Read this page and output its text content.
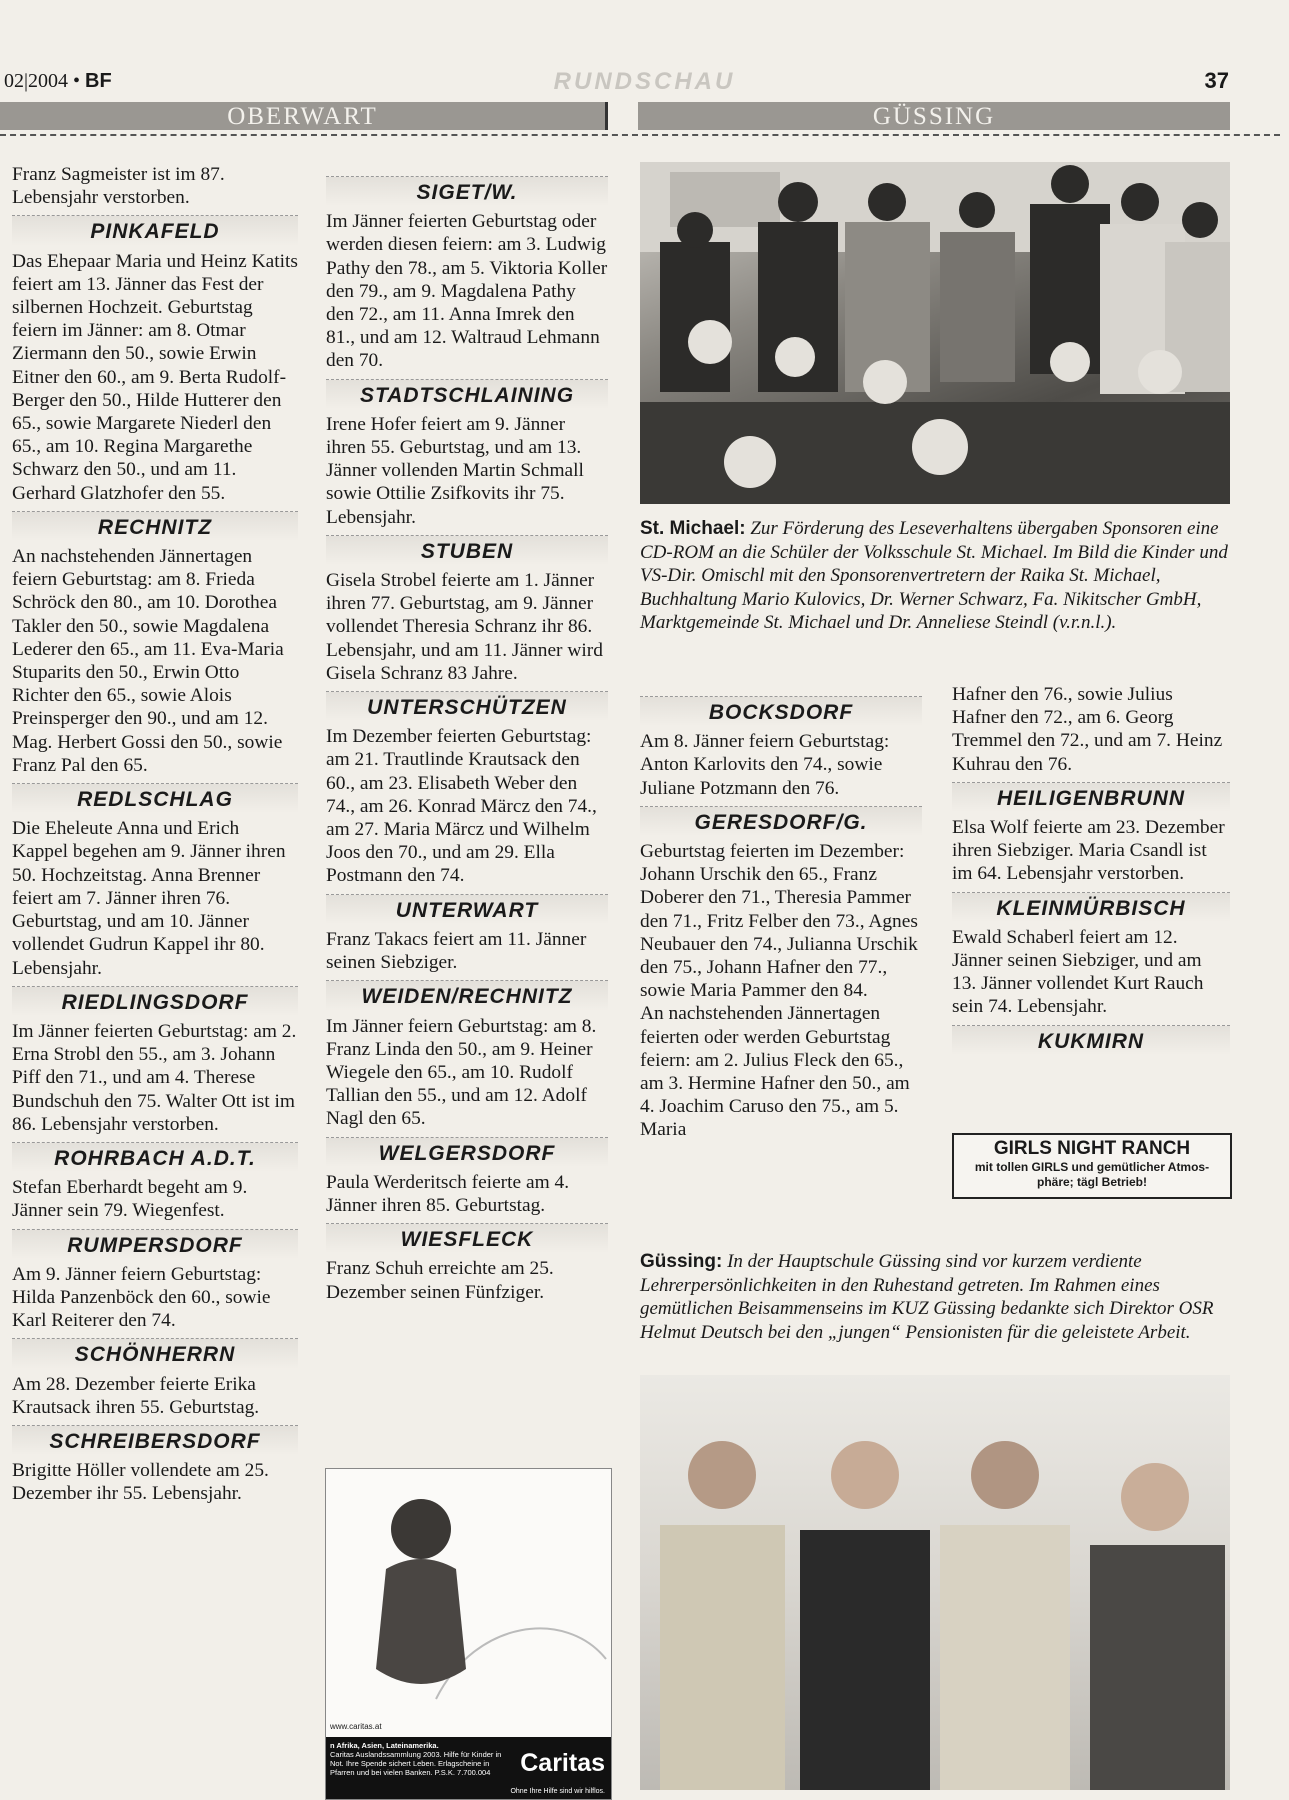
02|2004 • BF	RUNDSCHAU	37
OBERWART	GÜSSING

Franz Sagmeister ist im 87. Lebensjahr verstorben.

PINKAFELD

Das Ehepaar Maria und Heinz Katits feiert am 13. Jänner das Fest der silbernen Hochzeit. Geburtstag feiern im Jänner: am 8. Otmar Ziermann den 50., sowie Erwin Eitner den 60., am 9. Berta Rudolf-Berger den 50., Hilde Hutterer den 65., sowie Margarete Niederl den 65., am 10. Regina Margarethe Schwarz den 50., und am 11. Gerhard Glatzhofer den 55.

RECHNITZ

An nachstehenden Jännertagen feiern Geburtstag: am 8. Frieda Schröck den 80., am 10. Dorothea Takler den 50., sowie Magdalena Lederer den 65., am 11. Eva-Maria Stuparits den 50., Erwin Otto Richter den 65., sowie Alois Preinsperger den 90., und am 12. Mag. Herbert Gossi den 50., sowie Franz Pal den 65.

REDLSCHLAG

Die Eheleute Anna und Erich Kappel begehen am 9. Jänner ihren 50. Hochzeitstag. Anna Brenner feiert am 7. Jänner ihren 76. Geburtstag, und am 10. Jänner vollendet Gudrun Kappel ihr 80. Lebensjahr.

RIEDLINGSDORF

Im Jänner feierten Geburtstag: am 2. Erna Strobl den 55., am 3. Johann Piff den 71., und am 4. Therese Bundschuh den 75. Walter Ott ist im 86. Lebensjahr verstorben.

ROHRBACH A.D.T.

Stefan Eberhardt begeht am 9. Jänner sein 79. Wiegenfest.

RUMPERSDORF

Am 9. Jänner feiern Geburtstag: Hilda Panzenböck den 60., sowie Karl Reiterer den 74.

SCHÖNHERRN

Am 28. Dezember feierte Erika Krautsack ihren 55. Geburtstag.

SCHREIBERSDORF

Brigitte Höller vollendete am 25. Dezember ihr 55. Lebensjahr.

SIGET/W.

Im Jänner feierten Geburtstag oder werden diesen feiern: am 3. Ludwig Pathy den 78., am 5. Viktoria Koller den 79., am 9. Magdalena Pathy den 72., am 11. Anna Imrek den 81., und am 12. Waltraud Lehmann den 70.

STADTSCHLAINING

Irene Hofer feiert am 9. Jänner ihren 55. Geburtstag, und am 13. Jänner vollenden Martin Schmall sowie Ottilie Zsifkovits ihr 75. Lebensjahr.

STUBEN

Gisela Strobel feierte am 1. Jänner ihren 77. Geburtstag, am 9. Jänner vollendet Theresia Schranz ihr 86. Lebensjahr, und am 11. Jänner wird Gisela Schranz 83 Jahre.

UNTERSCHÜTZEN

Im Dezember feierten Geburtstag: am 21. Trautlinde Krautsack den 60., am 23. Elisabeth Weber den 74., am 26. Konrad Märcz den 74., am 27. Maria Märcz und Wilhelm Joos den 70., und am 29. Ella Postmann den 74.

UNTERWART

Franz Takacs feiert am 11. Jänner seinen Siebziger.

WEIDEN/RECHNITZ

Im Jänner feiern Geburtstag: am 8. Franz Linda den 50., am 9. Heiner Wiegele den 65., am 10. Rudolf Tallian den 55., und am 12. Adolf Nagl den 65.

WELGERSDORF

Paula Werderitsch feierte am 4. Jänner ihren 85. Geburtstag.

WIESFLECK

Franz Schuh erreichte am 25. Dezember seinen Fünfziger.

St. Michael: Zur Förderung des Leseverhaltens übergaben Sponsoren eine CD-ROM an die Schüler der Volksschule St. Michael. Im Bild die Kinder und VS-Dir. Omischl mit den Sponsorenvertretern der Raika St. Michael, Buchhaltung Mario Kulovics, Dr. Werner Schwarz, Fa. Nikitscher GmbH, Marktgemeinde St. Michael und Dr. Anneliese Steindl (v.r.n.l.).
BOCKSDORF

Am 8. Jänner feiern Geburtstag: Anton Karlovits den 74., sowie Juliane Potzmann den 76.

GERESDORF/G.

Geburtstag feierten im Dezember: Johann Urschik den 65., Franz Doberer den 71., Theresia Pammer den 71., Fritz Felber den 73., Agnes Neubauer den 74., Julianna Urschik den 75., Johann Hafner den 77., sowie Maria Pammer den 84.

An nachstehenden Jännertagen feierten oder werden Geburtstag feiern: am 2. Julius Fleck den 65., am 3. Hermine Hafner den 50., am 4. Joachim Caruso den 75., am 5. Maria

Hafner den 76., sowie Julius Hafner den 72., am 6. Georg Tremmel den 72., und am 7. Heinz Kuhrau den 76.

HEILIGENBRUNN

Elsa Wolf feierte am 23. Dezember ihren Siebziger. Maria Csandl ist im 64. Lebensjahr verstorben.

KLEINMÜRBISCH

Ewald Schaberl feiert am 12. Jänner seinen Siebziger, und am 13. Jänner vollendet Kurt Rauch sein 74. Lebensjahr.

KUKMIRN
GIRLS NIGHT RANCH
mit tollen GIRLS und gemütlicher Atmos-
phäre; tägl Betrieb!
Güssing: In der Hauptschule Güssing sind vor kurzem verdiente Lehrerpersönlichkeiten in den Ruhestand getreten. Im Rahmen eines gemütlichen Beisammenseins im KUZ Güssing bedankte sich Direktor OSR Helmut Deutsch bei den „jungen“ Pensionisten für die geleistete Arbeit.
www.caritas.at
n Afrika, Asien, Lateinamerika.
Caritas Auslandssammlung 2003. Hilfe für Kinder in Not. Ihre Spende sichert Leben. Erlagscheine in Pfarren und bei vielen Banken. P.S.K. 7.700.004	Caritas
Ohne Ihre Hilfe sind wir hilflos.
